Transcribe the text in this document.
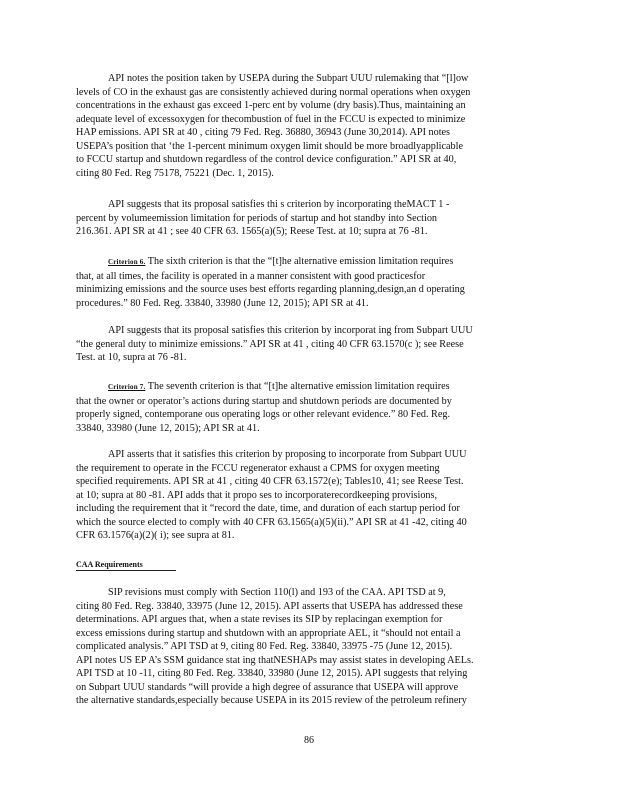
API notes the position taken by USEPA during the Subpart UUU rulemaking that “[l]ow
levels of CO in the exhaust gas are consistently achieved during normal operations when oxygen
concentrations in the exhaust gas exceed 1-perc ent by volume (dry basis).Thus, maintaining an
adequate level of excessoxygen for thecombustion of fuel in the FCCU is expected to minimize
HAP emissions. API SR at 40 , citing 79 Fed. Reg. 36880, 36943 (June 30,2014). API notes
USEPA’s position that ‘the 1-percent minimum oxygen limit should be more broadlyapplicable
to FCCU startup and shutdown regardless of the control device configuration.” API SR at 40,
citing 80 Fed. Reg 75178, 75221 (Dec. 1, 2015).

API suggests that its proposal satisfies thi s criterion by incorporating theMACT 1 -
percent by volumeemission limitation for periods of startup and hot standby into Section
216.361. API SR at 41 ; see 40 CFR 63. 1565(a)(5); Reese Test. at 10; supra at 76 -81.

Criterion 6. The sixth criterion is that the “[t]he alternative emission limitation requires
that, at all times, the facility is operated in a manner consistent with good practicesfor
minimizing emissions and the source uses best efforts regarding planning,design,an d operating
procedures.” 80 Fed. Reg. 33840, 33980 (June 12, 2015); API SR at 41.

API suggests that its proposal satisfies this criterion by incorporat ing from Subpart UUU
“the general duty to minimize emissions.” API SR at 41 , citing 40 CFR 63.1570(c ); see Reese
Test. at 10, supra at 76 -81.

Criterion 7. The seventh criterion is that “[t]he alternative emission limitation requires
that the owner or operator’s actions during startup and shutdown periods are documented by
properly signed, contemporane ous operating logs or other relevant evidence.” 80 Fed. Reg.
33840, 33980 (June 12, 2015); API SR at 41.

API asserts that it satisfies this criterion by proposing to incorporate from Subpart UUU
the requirement to operate in the FCCU regenerator exhaust a CPMS for oxygen meeting
specified requirements. API SR at 41 , citing 40 CFR 63.1572(e); Tables10, 41; see Reese Test.
at 10; supra at 80 -81. API adds that it propo ses to incorporaterecordkeeping provisions,
including the requirement that it “record the date, time, and duration of each startup period for
which the source elected to comply with 40 CFR 63.1565(a)(5)(ii).” API SR at 41 -42, citing 40
CFR 63.1576(a)(2)( i); see supra at 81.

CAA Requirements

SIP revisions must comply with Section 110(l) and 193 of the CAA. API TSD at 9,
citing 80 Fed. Reg. 33840, 33975 (June 12, 2015). API asserts that USEPA has addressed these
determinations. API argues that, when a state revises its SIP by replacingan exemption for
excess emissions during startup and shutdown with an appropriate AEL, it “should not entail a
complicated analysis.” API TSD at 9, citing 80 Fed. Reg. 33840, 33975 -75 (June 12, 2015).
API notes US EP A’s SSM guidance stat ing thatNESHAPs may assist states in developing AELs.
API TSD at 10 -11, citing 80 Fed. Reg. 33840, 33980 (June 12, 2015). API suggests that relying
on Subpart UUU standards “will provide a high degree of assurance that USEPA will approve
the alternative standards,especially because USEPA in its 2015 review of the petroleum refinery

86
